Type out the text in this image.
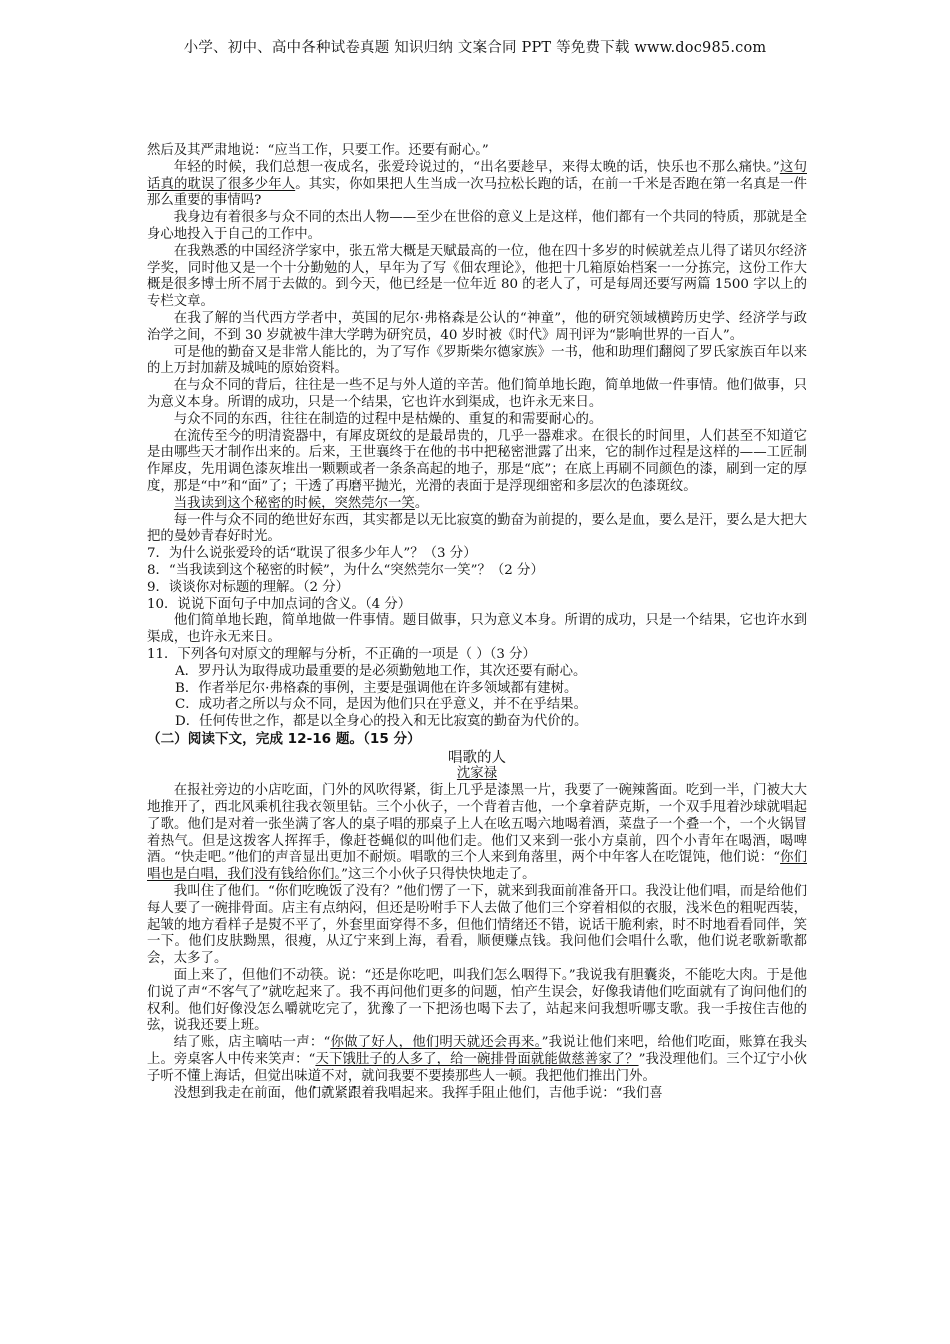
小学、初中、高中各种试卷真题 知识归纳 文案合同 PPT 等免费下载 www.doc985.com

然后及其严肃地说：“应当工作，只要工作。还要有耐心。”

年轻的时候，我们总想一夜成名，张爱玲说过的，“出名要趁早，来得太晚的话，快乐也不那么痛快。”这句话真的耽误了很多少年人。其实，你如果把人生当成一次马拉松长跑的话，在前一千米是否跑在第一名真是一件那么重要的事情吗?

我身边有着很多与众不同的杰出人物——至少在世俗的意义上是这样，他们都有一个共同的特质，那就是全身心地投入于自己的工作中。

在我熟悉的中国经济学家中，张五常大概是天赋最高的一位，他在四十多岁的时候就差点儿得了诺贝尔经济学奖，同时他又是一个十分勤勉的人，早年为了写《佃农理论》，他把十几箱原始档案一一分拣完，这份工作大概是很多博士所不屑于去做的。到今天，他已经是一位年近 80 的老人了，可是每周还要写两篇 1500 字以上的专栏文章。

在我了解的当代西方学者中，英国的尼尔·弗格森是公认的“神童”，他的研究领域横跨历史学、经济学与政治学之间，不到 30 岁就被牛津大学聘为研究员，40 岁时被《时代》周刊评为“影响世界的一百人”。

可是他的勤奋又是非常人能比的，为了写作《罗斯柴尔德家族》一书，他和助理们翻阅了罗氏家族百年以来的上万封加薪及城吨的原始资料。

在与众不同的背后，往往是一些不足与外人道的辛苦。他们简单地长跑，简单地做一件事情。他们做事，只为意义本身。所谓的成功，只是一个结果，它也许水到渠成，也许永无来日。

与众不同的东西，往往在制造的过程中是枯燥的、重复的和需要耐心的。

在流传至今的明清瓷器中，有犀皮斑纹的是最昂贵的，几乎一器难求。在很长的时间里，人们甚至不知道它是由哪些天才制作出来的。后来，王世襄终于在他的书中把秘密泄露了出来，它的制作过程是这样的——工匠制作犀皮，先用调色漆灰堆出一颗颗或者一条条高起的地子，那是“底”；在底上再刷不同颜色的漆，刷到一定的厚度，那是“中”和“面”了；干透了再磨平抛光，光滑的表面于是浮现细密和多层次的色漆斑纹。

当我读到这个秘密的时候，突然莞尔一笑。

每一件与众不同的绝世好东西，其实都是以无比寂寞的勤奋为前提的，要么是血，要么是汗，要么是大把大把的曼妙青春好时光。

7．为什么说张爱玲的话“耽误了很多少年人”？（3 分）

8．“当我读到这个秘密的时候”，为什么“突然莞尔一笑”？（2 分）

9．谈谈你对标题的理解。（2 分）

10．说说下面句子中加点词的含义。（4 分）

他们简单地长跑，简单地做一件事情。题目做事，只为意义本身。所谓的成功，只是一个结果，它也许水到渠成，也许永无来日。

11．下列各句对原文的理解与分析，不正确的一项是（ ）（3 分）

A．罗丹认为取得成功最重要的是必须勤勉地工作，其次还要有耐心。

B．作者举尼尔·弗格森的事例，主要是强调他在许多领域都有建树。

C．成功者之所以与众不同，是因为他们只在乎意义，并不在乎结果。

D．任何传世之作，都是以全身心的投入和无比寂寞的勤奋为代价的。

（二）阅读下文，完成 12-16 题。（15 分）

唱歌的人

沈家禄

在报社旁边的小店吃面，门外的风吹得紧，街上几乎是漆黑一片，我要了一碗辣酱面。吃到一半，门被大大地推开了，西北风乘机往我衣领里钻。三个小伙子，一个背着吉他，一个拿着萨克斯，一个双手甩着沙球就唱起了歌。他们是对着一张坐满了客人的桌子唱的那桌子上人在吆五喝六地喝着酒，菜盘子一个叠一个，一个火锅冒着热气。但是这拨客人挥挥手，像赶苍蝇似的叫他们走。他们又来到一张小方桌前，四个小青年在喝酒，喝啤酒。“快走吧。”他们的声音显出更加不耐烦。唱歌的三个人来到角落里，两个中年客人在吃馄饨，他们说：“你们唱也是白唱，我们没有钱给你们。”这三个小伙子只得快快地走了。

我叫住了他们。“你们吃晚饭了没有？”他们愣了一下，就来到我面前准备开口。我没让他们唱，而是给他们每人要了一碗排骨面。店主有点纳闷，但还是吩咐手下人去做了他们三个穿着相似的衣服，浅米色的粗呢西装，起皱的地方看样子是熨不平了，外套里面穿得不多，但他们情绪还不错，说话干脆利索，时不时地看看同伴，笑一下。他们皮肤黝黑，很瘦，从辽宁来到上海，看看，顺便赚点钱。我问他们会唱什么歌，他们说老歌新歌都会，太多了。

面上来了，但他们不动筷。说：“还是你吃吧，叫我们怎么咽得下。”我说我有胆囊炎，不能吃大肉。于是他们说了声“不客气了”就吃起来了。我不再问他们更多的问题，怕产生误会，好像我请他们吃面就有了询问他们的权利。他们好像没怎么嚼就吃完了，犹豫了一下把汤也喝下去了，站起来问我想听哪支歌。我一手按住吉他的弦，说我还要上班。

结了账，店主嘀咕一声：“你做了好人，他们明天就还会再来。”我说让他们来吧，给他们吃面，账算在我头上。旁桌客人中传来笑声：“天下饿肚子的人多了，给一碗排骨面就能做慈善家了？”我没理他们。三个辽宁小伙子听不懂上海话，但觉出味道不对，就问我要不要揍那些人一顿。我把他们推出门外。

没想到我走在前面，他们就紧跟着我唱起来。我挥手阻止他们，吉他手说：“我们喜
